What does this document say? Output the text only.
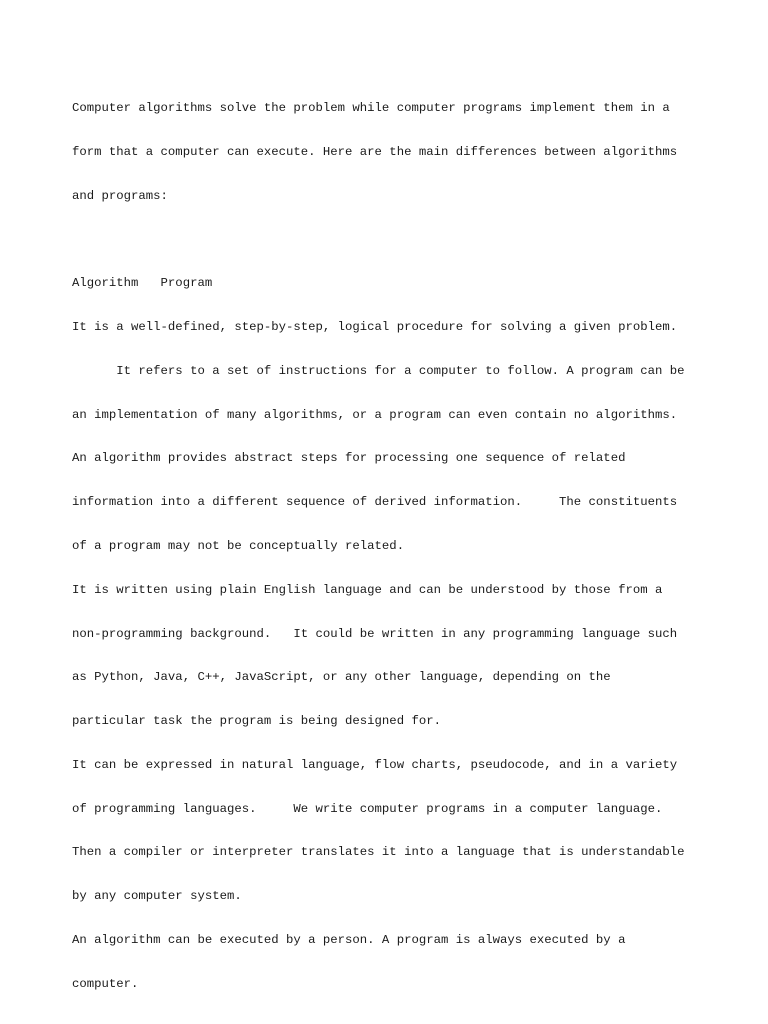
Computer algorithms solve the problem while computer programs implement them in a

form that a computer can execute. Here are the main differences between algorithms

and programs:

Algorithm   Program

It is a well-defined, step-by-step, logical procedure for solving a given problem.

It refers to a set of instructions for a computer to follow. A program can be

an implementation of many algorithms, or a program can even contain no algorithms.

An algorithm provides abstract steps for processing one sequence of related

information into a different sequence of derived information.     The constituents

of a program may not be conceptually related.

It is written using plain English language and can be understood by those from a

non-programming background.   It could be written in any programming language such

as Python, Java, C++, JavaScript, or any other language, depending on the

particular task the program is being designed for.

It can be expressed in natural language, flow charts, pseudocode, and in a variety

of programming languages.     We write computer programs in a computer language.

Then a compiler or interpreter translates it into a language that is understandable

by any computer system.

An algorithm can be executed by a person. A program is always executed by a

computer.
